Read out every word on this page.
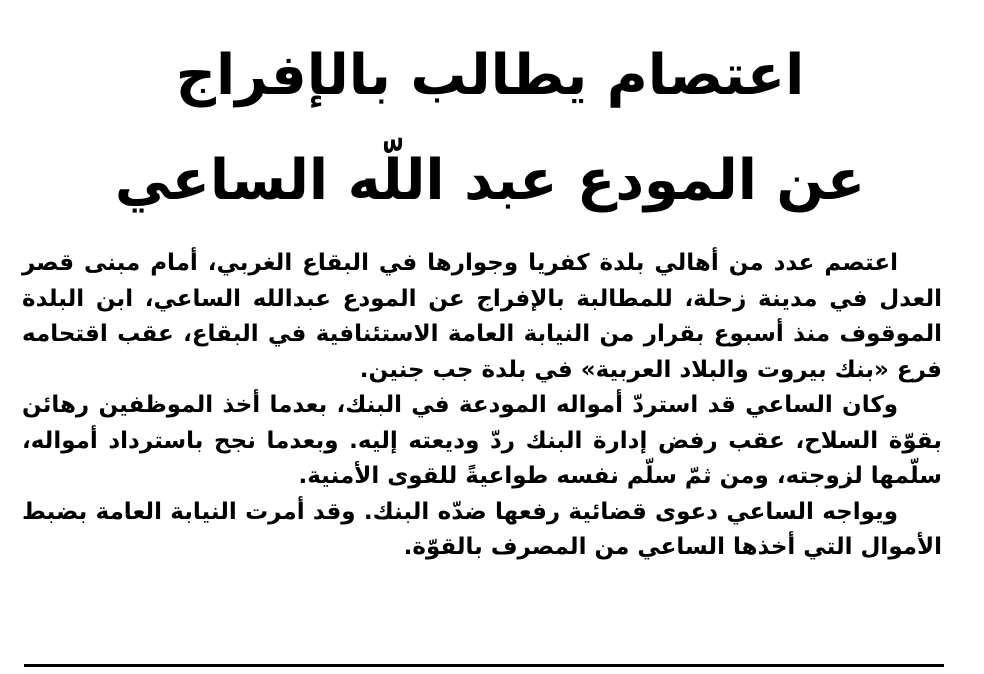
اعتصام يطالب بالإفراج
عن المودع عبد اللّه الساعي

اعتصم عدد من أهالي بلدة كفريا وجوارها في البقاع الغربي، أمام مبنى قصر العدل في مدينة زحلة، للمطالبة بالإفراج عن المودع عبدالله الساعي، ابن البلدة الموقوف منذ أسبوع بقرار من النيابة العامة الاستئنافية في البقاع، عقب اقتحامه فرع «بنك بيروت والبلاد العربية» في بلدة جب جنين.

وكان الساعي قد استردّ أمواله المودعة في البنك، بعدما أخذ الموظفين رهائن بقوّة السلاح، عقب رفض إدارة البنك ردّ وديعته إليه. وبعدما نجح باسترداد أمواله، سلّمها لزوجته، ومن ثمّ سلّم نفسه طواعيةً للقوى الأمنية.

ويواجه الساعي دعوى قضائية رفعها ضدّه البنك. وقد أمرت النيابة العامة بضبط الأموال التي أخذها الساعي من المصرف بالقوّة.
